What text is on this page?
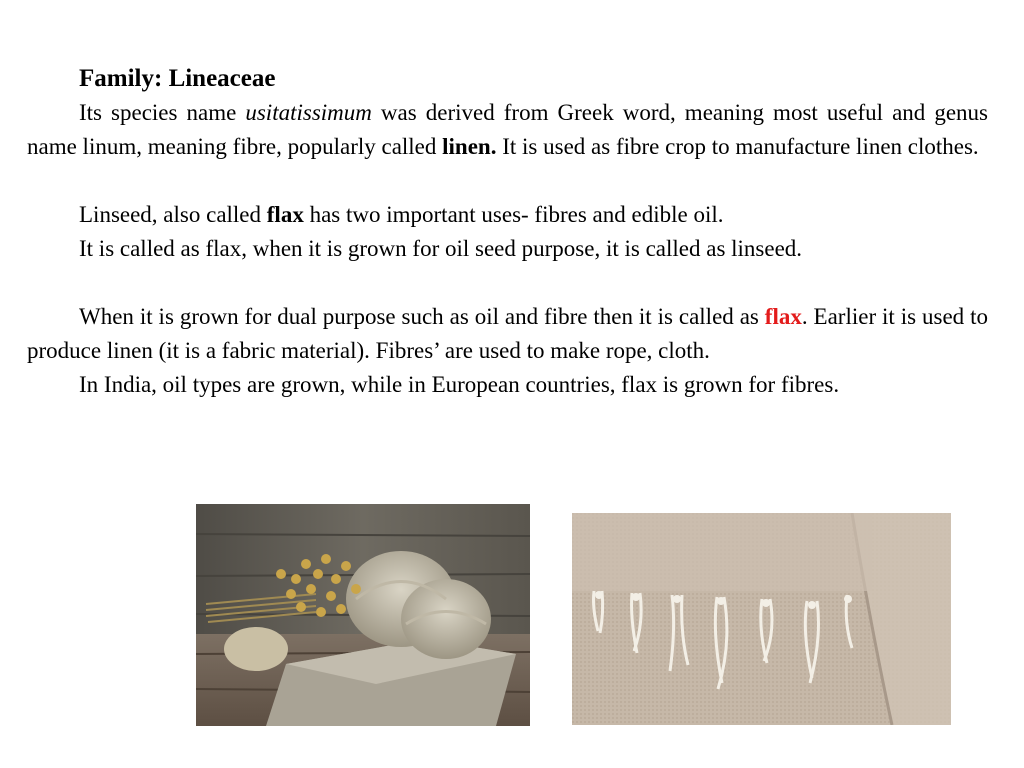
Family: Lineaceae

Its species name usitatissimum was derived from Greek word, meaning most useful and genus name linum, meaning fibre, popularly called linen. It is used as fibre crop to manufacture linen clothes.

Linseed, also called flax has two important uses- fibres and edible oil.

It is called as flax, when it is grown for oil seed purpose, it is called as linseed.

When it is grown for dual purpose such as oil and fibre then it is called as flax. Earlier it is used to produce linen (it is a fabric material). Fibres’ are used to make rope, cloth.

In India, oil types are grown, while in European countries, flax is grown for fibres.
